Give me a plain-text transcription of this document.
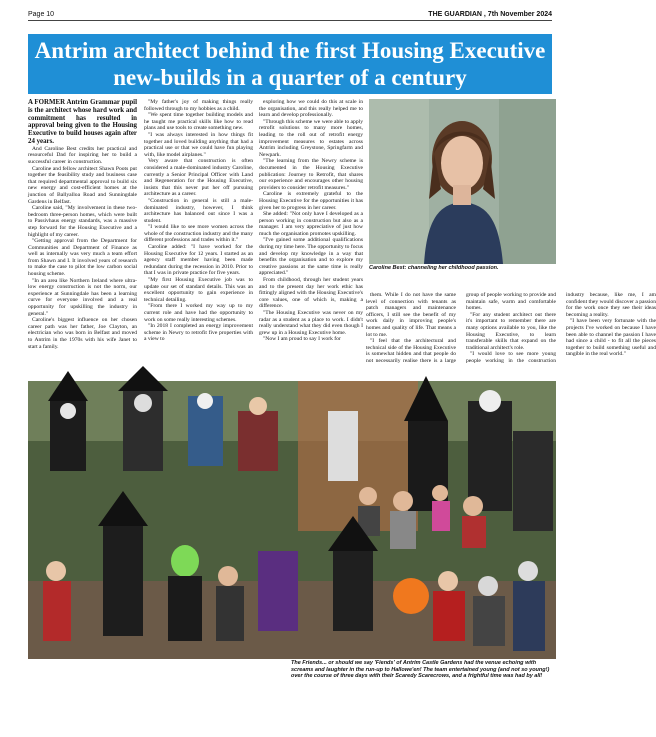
Page 10	THE GUARDIAN , 7th November 2024
Antrim architect behind the first Housing Executive new-builds in a quarter of a century

A FORMER Antrim Grammar pupil is the architect whose hard work and commitment has resulted in approval being given to the Housing Executive to build houses again after 24 years.

And Caroline Best credits her practical and resourceful Dad for inspiring her to build a successful career in construction.

Caroline and fellow architect Shawn Poots put together the feasibility study and business case that required departmental approval to build six new energy and cost-efficient homes at the junction of Ballyalloa Road and Sunningdale Gardens in Belfast.

Caroline said, "My involvement in these two-bedroom three-person homes, which were built to Passivhaus energy standards, was a massive step forward for the Housing Executive and a highlight of my career.

"Getting approval from the Department for Communities and Department of Finance as well as internally was very much a team effort from Shawn and I. It involved years of research to make the case to pilot the low carbon social housing scheme.

"In an area like Northern Ireland where ultra-low energy construction is not the norm, our experience at Sunningdale has been a learning curve for everyone involved and a real opportunity for upskilling the industry in general."

Caroline's biggest influence on her chosen career path was her father, Joe Clayton, an electrician who was born in Belfast and moved to Antrim in the 1970s with his wife Janet to start a family.

"My father's joy of making things really followed through to my hobbies as a child.

"We spent time together building models and he taught me practical skills like how to read plans and use tools to create something new.

"I was always interested in how things fit together and loved building anything that had a practical use or that we could have fun playing with, like model airplanes."

Very aware that construction is often considered a male-dominated industry Caroline, currently a Senior Principal Officer with Land and Regeneration for the Housing Executive, insists that this never put her off pursuing architecture as a career.

"Construction in general is still a male-dominated industry, however, I think architecture has balanced out since I was a student.

"I would like to see more women across the whole of the construction industry and the many different professions and trades within it."

Caroline added: "I have worked for the Housing Executive for 12 years. I started as an agency staff member having been made redundant during the recession in 2010. Prior to that I was in private practice for five years.

"My first Housing Executive job was to update our set of standard details. This was an excellent opportunity to gain experience in technical detailing.

"From there I worked my way up to my current role and have had the opportunity to work on some really interesting schemes.

"In 2018 I completed an energy improvement scheme in Newry to retrofit five properties with a view to

exploring how we could do this at scale in the organisation, and this really helped me to learn and develop professionally.

"Through this scheme we were able to apply retrofit solutions to many more homes, leading to the roll out of retrofit energy improvement measures to estates across Antrim including Greystone, Springfarm and Newpark.

"The learning from the Newry scheme is documented in the Housing Executive publication: Journey to Retrofit, that shares our experience and encourages other housing providers to consider retrofit measures."

Caroline is extremely grateful to the Housing Executive for the opportunities it has given her to progress in her career.

She added: "Not only have I developed as a person working in construction but also as a manager. I am very appreciative of just how much the organisation promotes upskilling.

"I've gained some additional qualifications during my time here. The opportunity to focus and develop my knowledge in a way that benefits the organisation and to explore my creative passions at the same time is really appreciated."

From childhood, through her student years and to the present day her work ethic has fittingly aligned with the Housing Executive's core values, one of which is, making a difference.

"The Housing Executive was never on my radar as a student as a place to work. I didn't really understand what they did even though I grew up in a Housing Executive home.

"Now I am proud to say I work for

Caroline Best: channeling her childhood passion.

them. While I do not have the same level of connection with tenants as patch managers and maintenance officers, I still see the benefit of my work daily in improving people's homes and quality of life. That means a lot to me.

"I feel that the architectural and technical side of the Housing Executive is somewhat hidden and that people do not necessarily realise there is a large group of people working to provide and maintain safe, warm and comfortable homes.

"For any student architect out there it's important to remember there are many options available to you, like the Housing Executive, to learn transferable skills that expand on the traditional architect's role.

"I would love to see more young people working in the construction industry because, like me, I am confident they would discover a passion for the work once they see their ideas becoming a reality.

"I have been very fortunate with the projects I've worked on because I have been able to channel the passion I have had since a child - to fit all the pieces together to build something useful and tangible in the real world."

The Friends... or should we say 'Fiends' of Antrim Castle Gardens had the venue echoing with screams and laughter in the run-up to Hallowe'en! The team entertained young (and not so young!) over the course of three days with their Scaredy Scarecrows, and a frightful time was had by all!
